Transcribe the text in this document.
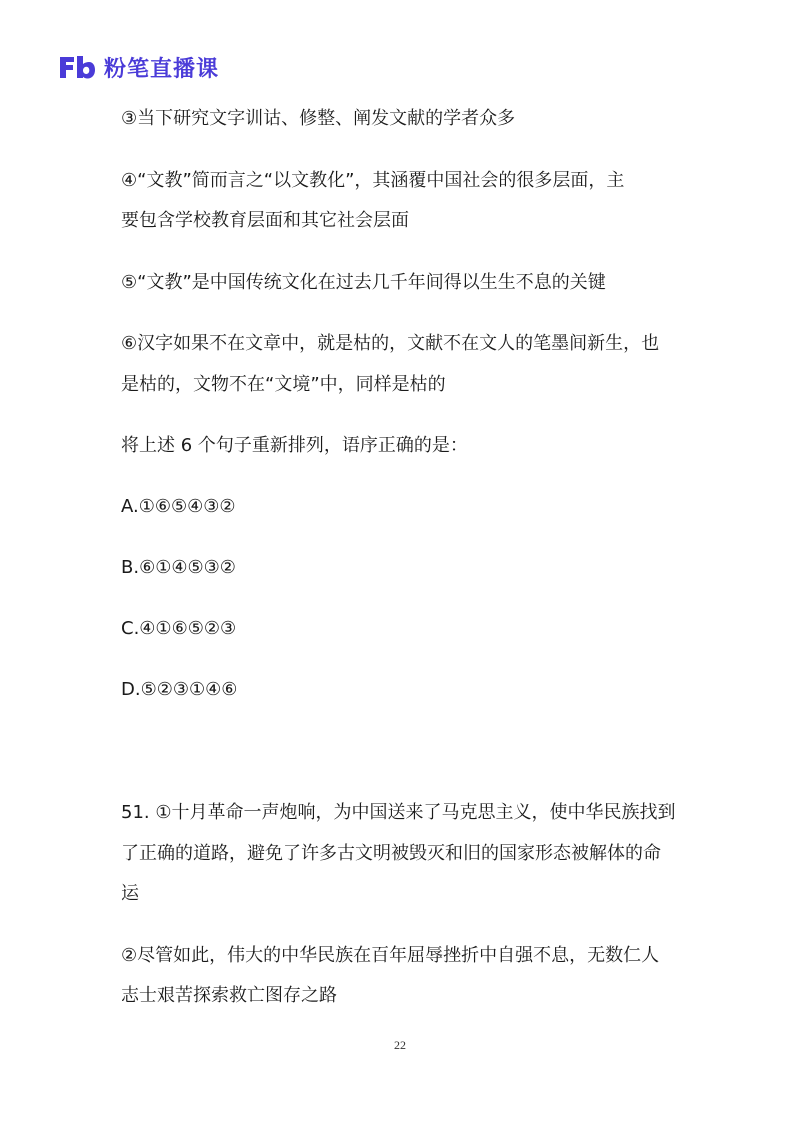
粉笔直播课
③当下研究文字训诂、修整、阐发文献的学者众多
④“文教”简而言之“以文教化”，其涵覆中国社会的很多层面，主
要包含学校教育层面和其它社会层面
⑤“文教”是中国传统文化在过去几千年间得以生生不息的关键
⑥汉字如果不在文章中，就是枯的，文献不在文人的笔墨间新生，也
是枯的，文物不在“文境”中，同样是枯的
将上述 6 个句子重新排列，语序正确的是：
A.①⑥⑤④③②
B.⑥①④⑤③②
C.④①⑥⑤②③
D.⑤②③①④⑥
51. ①十月革命一声炮响，为中国送来了马克思主义，使中华民族找到
了正确的道路，避免了许多古文明被毁灭和旧的国家形态被解体的命
运
②尽管如此，伟大的中华民族在百年屈辱挫折中自强不息，无数仁人
志士艰苦探索救亡图存之路
22
